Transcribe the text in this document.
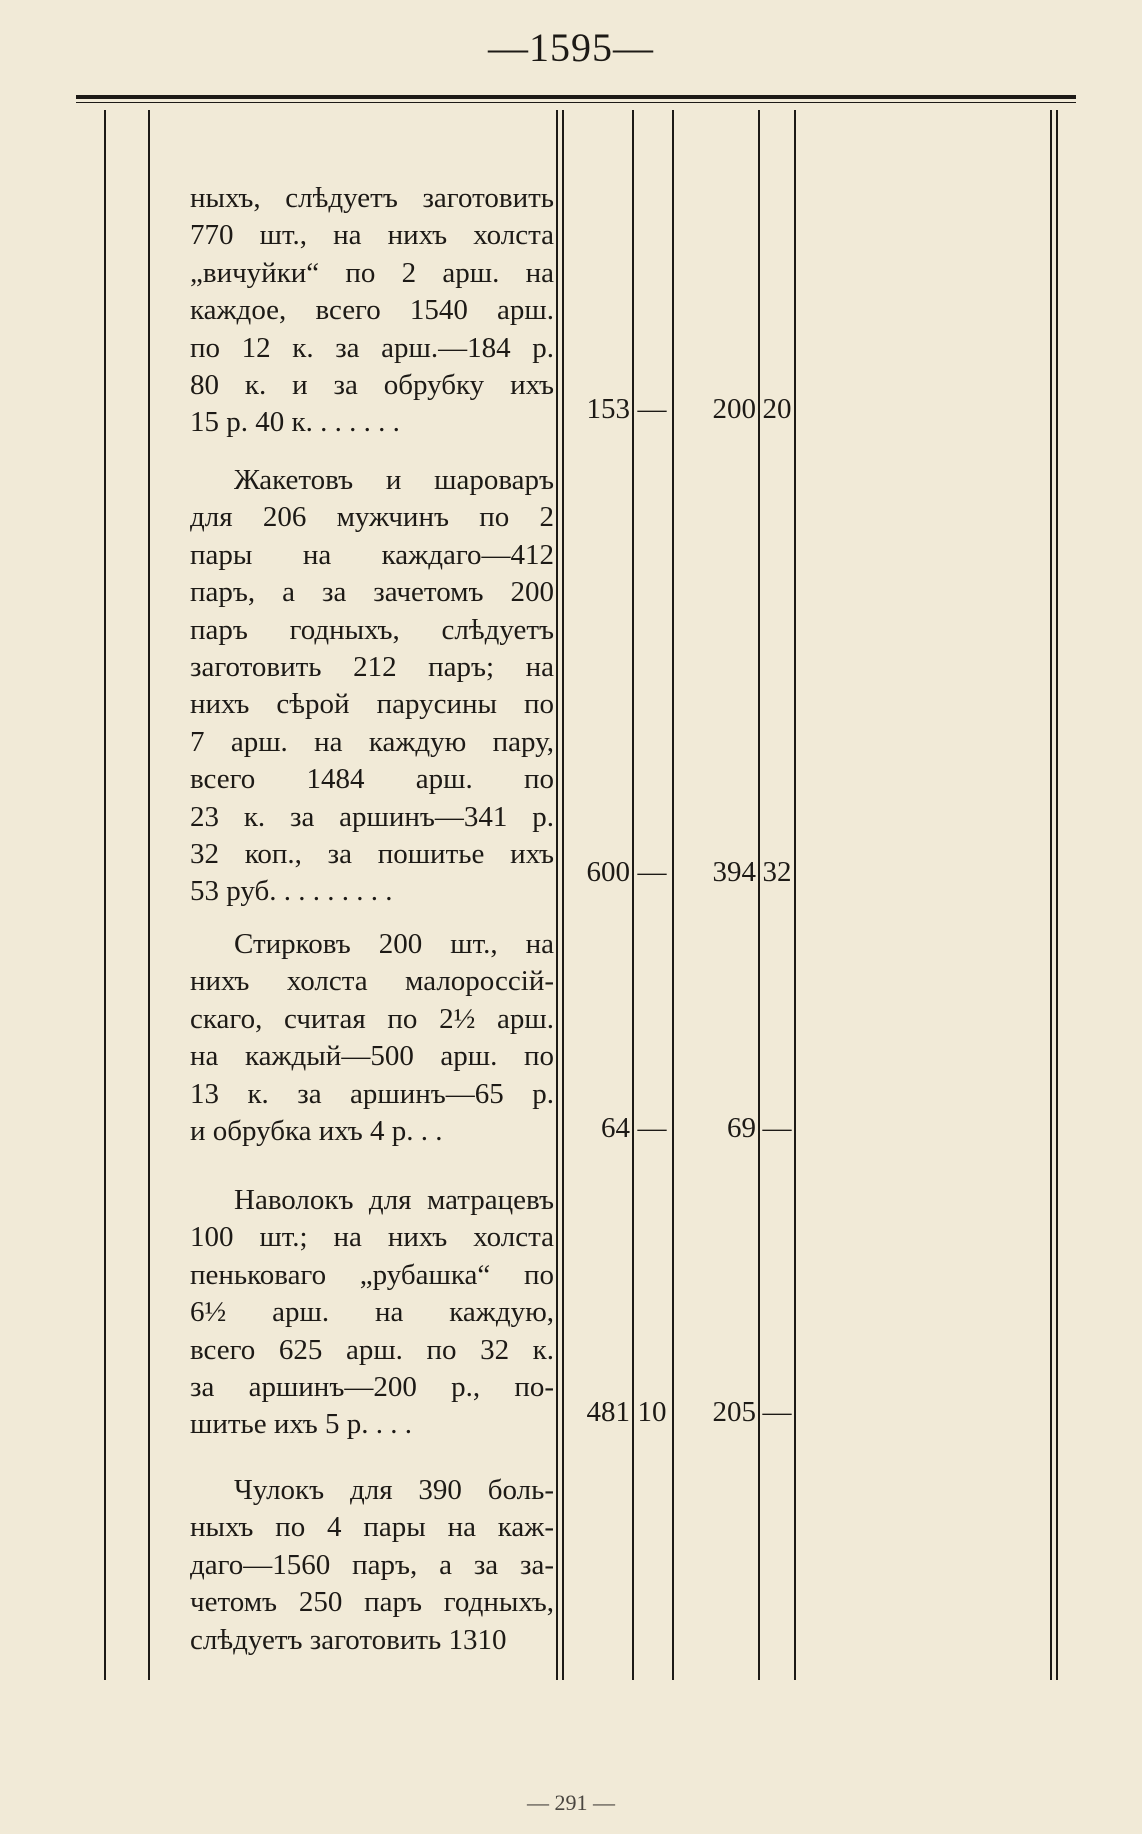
—1595—
ныхъ, слѣдуетъ заготовить
770 шт., на нихъ холста
„вичуйки“ по 2 арш. на
каждое, всего 1540 арш.
по 12 к. за арш.—184 р.
80 к. и за обрубку ихъ
15 р. 40 к. . . . . . .	153 —	200 20
Жакетовъ и шароваръ
для 206 мужчинъ по 2
пары на каждаго—412
паръ, а за зачетомъ 200
паръ годныхъ, слѣдуетъ
заготовить 212 паръ; на
нихъ сѣрой парусины по
7 арш. на каждую пару,
всего 1484 арш. по
23 к. за аршинъ—341 р.
32 коп., за пошитье ихъ
53 руб. . . . . . . . .
600 —	394 32
Стирковъ 200 шт., на
нихъ холста малороссій-
скаго, считая по 2½ арш.
на каждый—500 арш. по
13 к. за аршинъ—65 р.
и обрубка ихъ 4 р. . .	64 —	69 —
Наволокъ для матрацевъ
100 шт.; на нихъ холста
пеньковаго „рубашка“ по
6½ арш. на каждую,
всего 625 арш. по 32 к.
за аршинъ—200 р., по-
шитье ихъ 5 р. . . .	481 10	205 —
Чулокъ для 390 боль-
ныхъ по 4 пары на каж-
даго—1560 паръ, а за за-
четомъ 250 паръ годныхъ,
слѣдуетъ заготовить 1310
— 291 —
